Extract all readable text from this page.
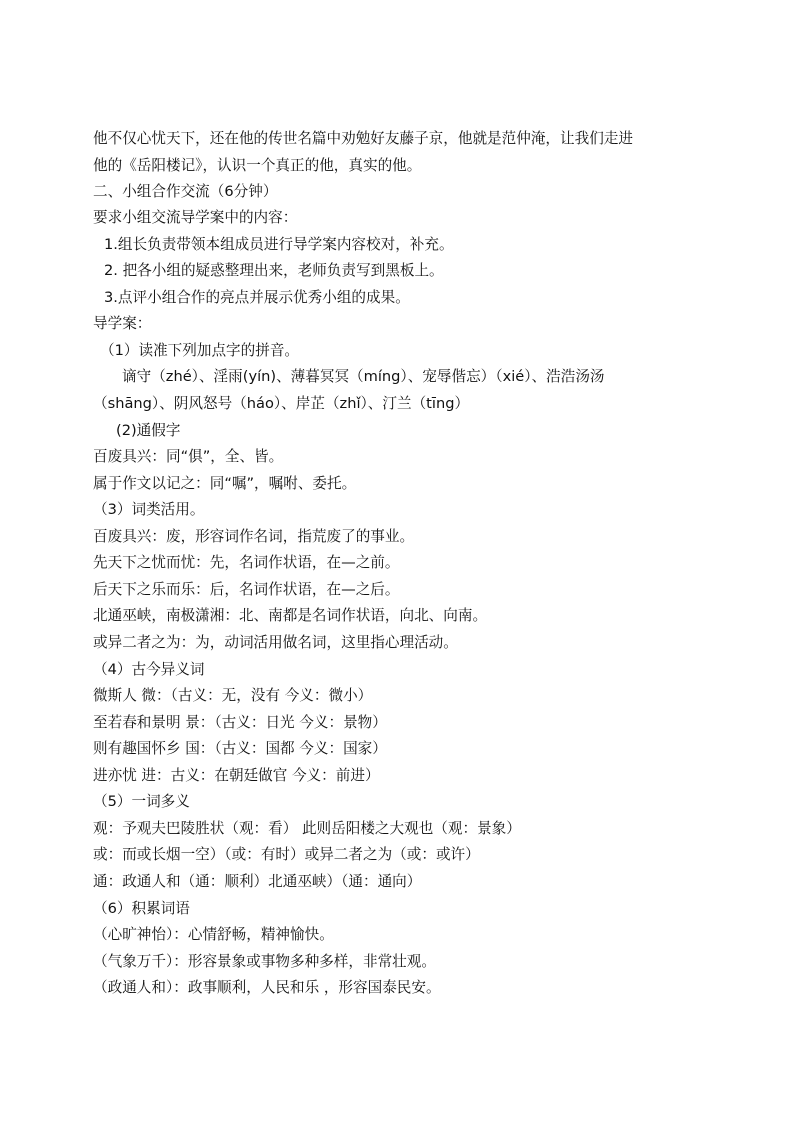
他不仅心忧天下，还在他的传世名篇中劝勉好友藤子京，他就是范仲淹，让我们走进
他的《岳阳楼记》，认识一个真正的他，真实的他。
二、小组合作交流（6分钟）
要求小组交流导学案中的内容：
1.组长负责带领本组成员进行导学案内容校对，补充。
2. 把各小组的疑惑整理出来，老师负责写到黑板上。
3.点评小组合作的亮点并展示优秀小组的成果。
导学案：
（1）读准下列加点字的拼音。
谪守（zhé）、淫雨(yín)、薄暮冥冥（míng）、宠辱偕忘）（xié）、浩浩汤汤
（shāng）、阴风怒号（háo）、岸芷（zhǐ）、汀兰（tīng）
(2)通假字
百废具兴：同“俱”，全、皆。
属于作文以记之：同“嘱”，嘱咐、委托。
（3）词类活用。
百废具兴：废，形容词作名词，指荒废了的事业。
先天下之忧而忧：先，名词作状语，在—之前。
后天下之乐而乐：后，名词作状语，在—之后。
北通巫峡，南极潇湘：北、南都是名词作状语，向北、向南。
或异二者之为：为，动词活用做名词，这里指心理活动。
（4）古今异义词
微斯人 微：（古义：无，没有 今义：微小）
至若春和景明 景：（古义：日光 今义：景物）
则有趣国怀乡 国：（古义：国都 今义：国家）
进亦忧 进：古义：在朝廷做官 今义：前进）
（5）一词多义
观：予观夫巴陵胜状（观：看） 此则岳阳楼之大观也（观：景象）
或：而或长烟一空）（或：有时）或异二者之为（或：或许）
通：政通人和（通：顺利）北通巫峡）（通：通向）
（6）积累词语
（心旷神怡）：心情舒畅，精神愉快。
（气象万千）：形容景象或事物多种多样，非常壮观。
（政通人和）：政事顺利，人民和乐 ，形容国泰民安。
